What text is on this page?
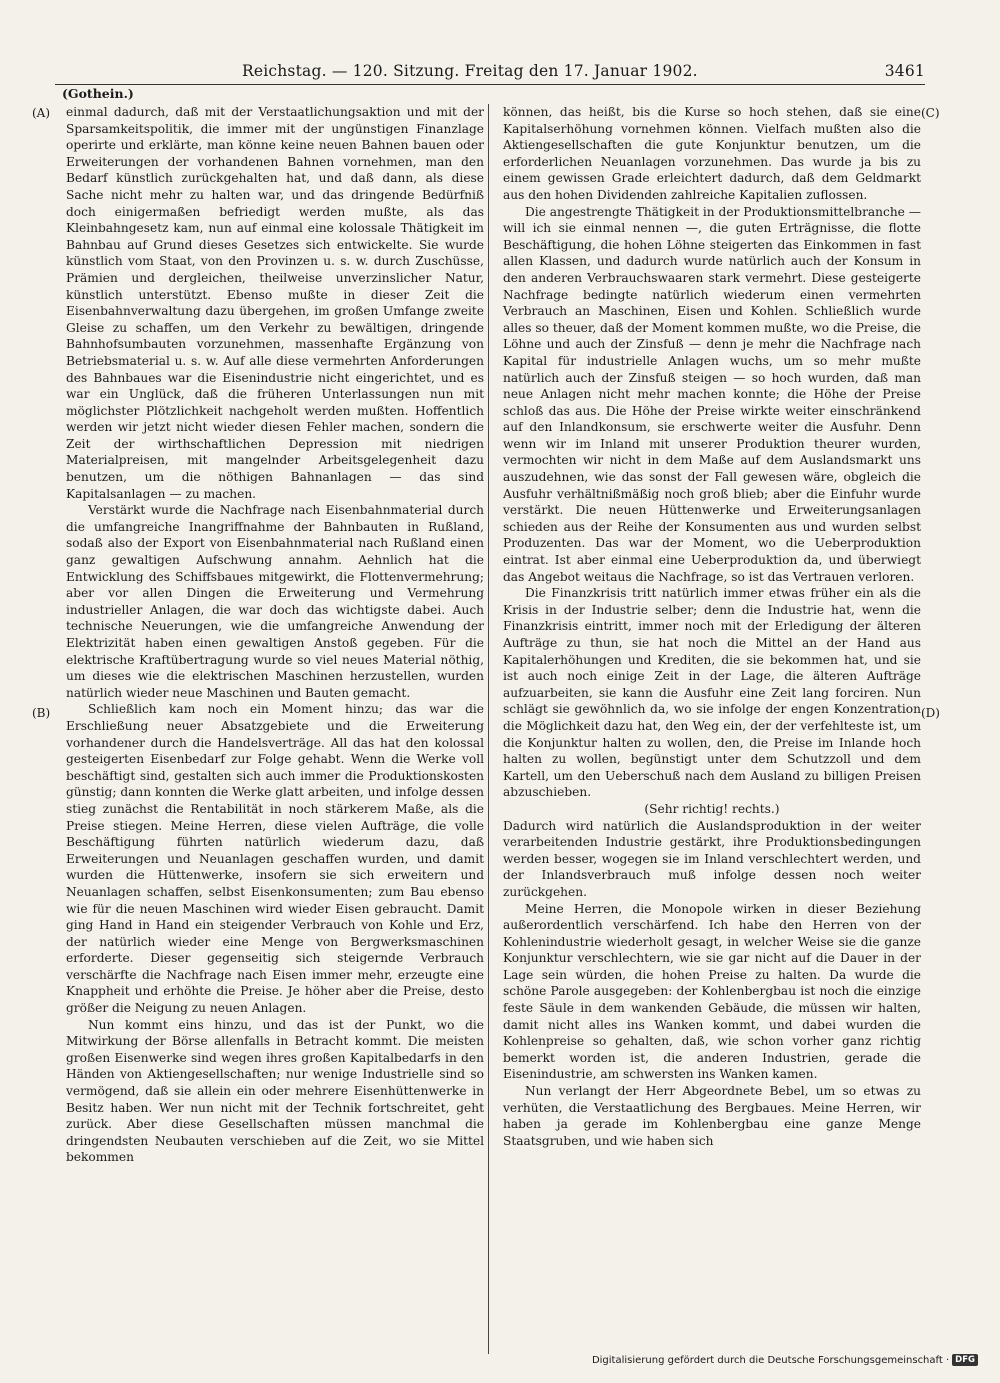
Reichstag. — 120. Sitzung. Freitag den 17. Januar 1902.	3461
(Gothein.)
(A)
(B)
(C)
(D)

einmal dadurch, daß mit der Verstaatlichungsaktion und mit der Sparsamkeitspolitik, die immer mit der ungünstigen Finanzlage operirte und erklärte, man könne keine neuen Bahnen bauen oder Erweiterungen der vorhandenen Bahnen vornehmen, man den Bedarf künstlich zurückgehalten hat, und daß dann, als diese Sache nicht mehr zu halten war, und das dringende Bedürfniß doch einigermaßen befriedigt werden mußte, als das Kleinbahngesetz kam, nun auf einmal eine kolossale Thätigkeit im Bahnbau auf Grund dieses Gesetzes sich entwickelte. Sie wurde künstlich vom Staat, von den Provinzen u. s. w. durch Zuschüsse, Prämien und dergleichen, theilweise unverzinslicher Natur, künstlich unterstützt. Ebenso mußte in dieser Zeit die Eisenbahnverwaltung dazu übergehen, im großen Umfange zweite Gleise zu schaffen, um den Verkehr zu bewältigen, dringende Bahnhofsumbauten vorzunehmen, massenhafte Ergänzung von Betriebsmaterial u. s. w. Auf alle diese vermehrten Anforderungen des Bahnbaues war die Eisenindustrie nicht eingerichtet, und es war ein Unglück, daß die früheren Unterlassungen nun mit möglichster Plötzlichkeit nachgeholt werden mußten. Hoffentlich werden wir jetzt nicht wieder diesen Fehler machen, sondern die Zeit der wirthschaftlichen Depression mit niedrigen Materialpreisen, mit mangelnder Arbeitsgelegenheit dazu benutzen, um die nöthigen Bahnanlagen — das sind Kapitalsanlagen — zu machen.

Verstärkt wurde die Nachfrage nach Eisenbahnmaterial durch die umfangreiche Inangriffnahme der Bahnbauten in Rußland, sodaß also der Export von Eisenbahnmaterial nach Rußland einen ganz gewaltigen Aufschwung annahm. Aehnlich hat die Entwicklung des Schiffsbaues mitgewirkt, die Flottenvermehrung; aber vor allen Dingen die Erweiterung und Vermehrung industrieller Anlagen, die war doch das wichtigste dabei. Auch technische Neuerungen, wie die umfangreiche Anwendung der Elektrizität haben einen gewaltigen Anstoß gegeben. Für die elektrische Kraftübertragung wurde so viel neues Material nöthig, um dieses wie die elektrischen Maschinen herzustellen, wurden natürlich wieder neue Maschinen und Bauten gemacht.

Schließlich kam noch ein Moment hinzu; das war die Erschließung neuer Absatzgebiete und die Erweiterung vorhandener durch die Handelsverträge. All das hat den kolossal gesteigerten Eisenbedarf zur Folge gehabt. Wenn die Werke voll beschäftigt sind, gestalten sich auch immer die Produktionskosten günstig; dann konnten die Werke glatt arbeiten, und infolge dessen stieg zunächst die Rentabilität in noch stärkerem Maße, als die Preise stiegen. Meine Herren, diese vielen Aufträge, die volle Beschäftigung führten natürlich wiederum dazu, daß Erweiterungen und Neuanlagen geschaffen wurden, und damit wurden die Hüttenwerke, insofern sie sich erweitern und Neuanlagen schaffen, selbst Eisenkonsumenten; zum Bau ebenso wie für die neuen Maschinen wird wieder Eisen gebraucht. Damit ging Hand in Hand ein steigender Verbrauch von Kohle und Erz, der natürlich wieder eine Menge von Bergwerksmaschinen erforderte. Dieser gegenseitig sich steigernde Verbrauch verschärfte die Nachfrage nach Eisen immer mehr, erzeugte eine Knappheit und erhöhte die Preise. Je höher aber die Preise, desto größer die Neigung zu neuen Anlagen.

Nun kommt eins hinzu, und das ist der Punkt, wo die Mitwirkung der Börse allenfalls in Betracht kommt. Die meisten großen Eisenwerke sind wegen ihres großen Kapitalbedarfs in den Händen von Aktiengesellschaften; nur wenige Industrielle sind so vermögend, daß sie allein ein oder mehrere Eisenhüttenwerke in Besitz haben. Wer nun nicht mit der Technik fortschreitet, geht zurück. Aber diese Gesellschaften müssen manchmal die dringendsten Neubauten verschieben auf die Zeit, wo sie Mittel bekommen

können, das heißt, bis die Kurse so hoch stehen, daß sie eine Kapitalserhöhung vornehmen können. Vielfach mußten also die Aktiengesellschaften die gute Konjunktur benutzen, um die erforderlichen Neuanlagen vorzunehmen. Das wurde ja bis zu einem gewissen Grade erleichtert dadurch, daß dem Geldmarkt aus den hohen Dividenden zahlreiche Kapitalien zuflossen.

Die angestrengte Thätigkeit in der Produktionsmittelbranche — will ich sie einmal nennen —, die guten Erträgnisse, die flotte Beschäftigung, die hohen Löhne steigerten das Einkommen in fast allen Klassen, und dadurch wurde natürlich auch der Konsum in den anderen Verbrauchswaaren stark vermehrt. Diese gesteigerte Nachfrage bedingte natürlich wiederum einen vermehrten Verbrauch an Maschinen, Eisen und Kohlen. Schließlich wurde alles so theuer, daß der Moment kommen mußte, wo die Preise, die Löhne und auch der Zinsfuß — denn je mehr die Nachfrage nach Kapital für industrielle Anlagen wuchs, um so mehr mußte natürlich auch der Zinsfuß steigen — so hoch wurden, daß man neue Anlagen nicht mehr machen konnte; die Höhe der Preise schloß das aus. Die Höhe der Preise wirkte weiter einschränkend auf den Inlandkonsum, sie erschwerte weiter die Ausfuhr. Denn wenn wir im Inland mit unserer Produktion theurer wurden, vermochten wir nicht in dem Maße auf dem Auslandsmarkt uns auszudehnen, wie das sonst der Fall gewesen wäre, obgleich die Ausfuhr verhältnißmäßig noch groß blieb; aber die Einfuhr wurde verstärkt. Die neuen Hüttenwerke und Erweiterungsanlagen schieden aus der Reihe der Konsumenten aus und wurden selbst Produzenten. Das war der Moment, wo die Ueberproduktion eintrat. Ist aber einmal eine Ueberproduktion da, und überwiegt das Angebot weitaus die Nachfrage, so ist das Vertrauen verloren.

Die Finanzkrisis tritt natürlich immer etwas früher ein als die Krisis in der Industrie selber; denn die Industrie hat, wenn die Finanzkrisis eintritt, immer noch mit der Erledigung der älteren Aufträge zu thun, sie hat noch die Mittel an der Hand aus Kapitalerhöhungen und Krediten, die sie bekommen hat, und sie ist auch noch einige Zeit in der Lage, die älteren Aufträge aufzuarbeiten, sie kann die Ausfuhr eine Zeit lang forciren. Nun schlägt sie gewöhnlich da, wo sie infolge der engen Konzentration die Möglichkeit dazu hat, den Weg ein, der der verfehlteste ist, um die Konjunktur halten zu wollen, den, die Preise im Inlande hoch halten zu wollen, begünstigt unter dem Schutzzoll und dem Kartell, um den Ueberschuß nach dem Ausland zu billigen Preisen abzuschieben.

(Sehr richtig! rechts.)

Dadurch wird natürlich die Auslandsproduktion in der weiter verarbeitenden Industrie gestärkt, ihre Produktionsbedingungen werden besser, wogegen sie im Inland verschlechtert werden, und der Inlandsverbrauch muß infolge dessen noch weiter zurückgehen.

Meine Herren, die Monopole wirken in dieser Beziehung außerordentlich verschärfend. Ich habe den Herren von der Kohlenindustrie wiederholt gesagt, in welcher Weise sie die ganze Konjunktur verschlechtern, wie sie gar nicht auf die Dauer in der Lage sein würden, die hohen Preise zu halten. Da wurde die schöne Parole ausgegeben: der Kohlenbergbau ist noch die einzige feste Säule in dem wankenden Gebäude, die müssen wir halten, damit nicht alles ins Wanken kommt, und dabei wurden die Kohlenpreise so gehalten, daß, wie schon vorher ganz richtig bemerkt worden ist, die anderen Industrien, gerade die Eisenindustrie, am schwersten ins Wanken kamen.

Nun verlangt der Herr Abgeordnete Bebel, um so etwas zu verhüten, die Verstaatlichung des Bergbaues. Meine Herren, wir haben ja gerade im Kohlenbergbau eine ganze Menge Staatsgruben, und wie haben sich

Digitalisierung gefördert durch die Deutsche Forschungsgemeinschaft · DFG
